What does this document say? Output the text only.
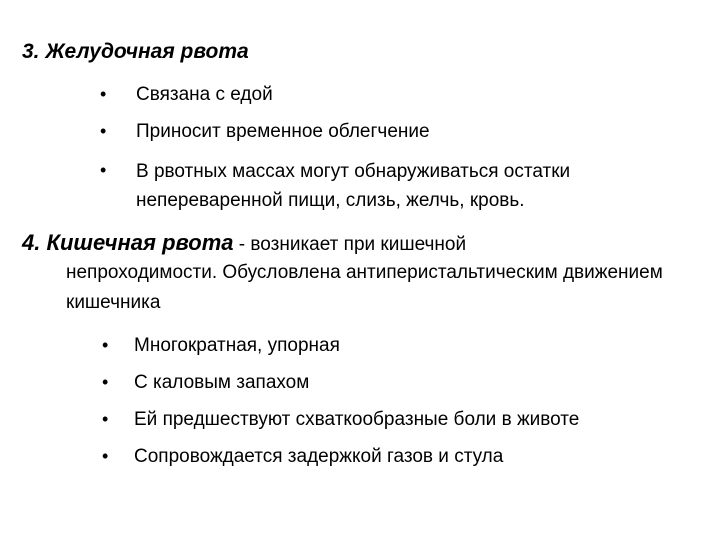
3. Желудочная рвота
• Связана с едой
• Приносит временное облегчение
• В рвотных массах могут обнаруживаться остатки непереваренной пищи, слизь, желчь, кровь.
4. Кишечная рвота - возникает при кишечной
непроходимости. Обусловлена антиперистальтическим движением кишечника
• Многократная, упорная
• С каловым запахом
• Ей предшествуют схваткообразные боли в животе
• Сопровождается задержкой газов и стула
